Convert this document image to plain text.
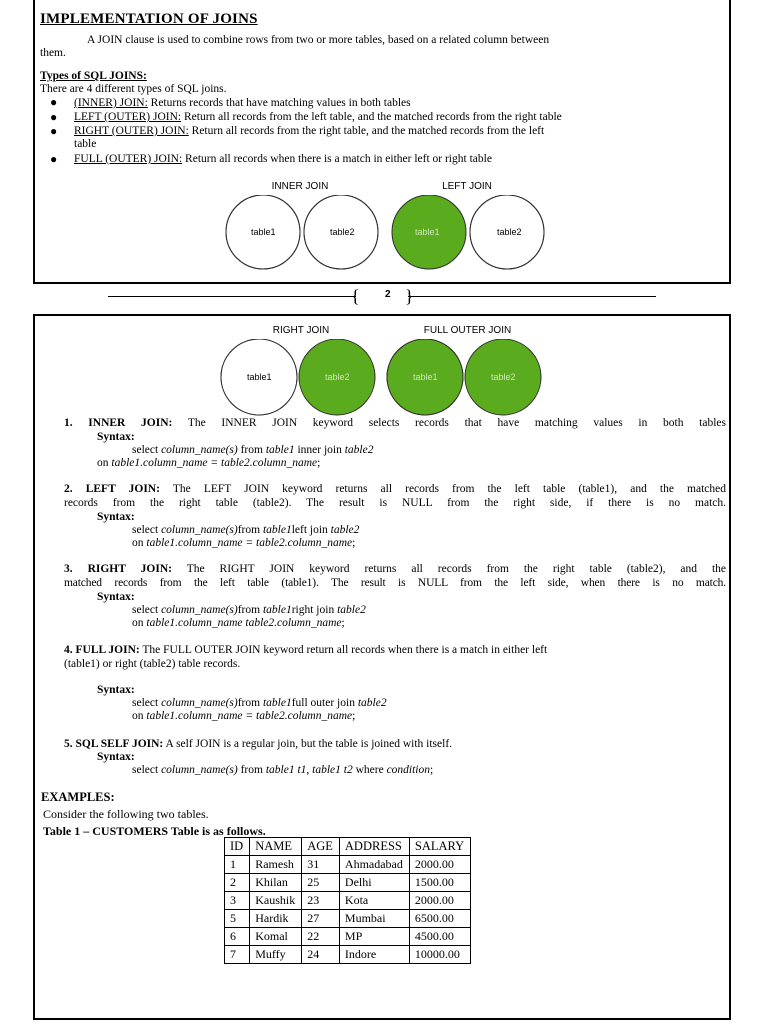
IMPLEMENTATION OF JOINS
A JOIN clause is used to combine rows from two or more tables, based on a related column between
them.
Types of SQL JOINS:
There are 4 different types of SQL joins.
● (INNER) JOIN: Returns records that have matching values in both tables
● LEFT (OUTER) JOIN: Return all records from the left table, and the matched records from the right table
● RIGHT (OUTER) JOIN: Return all records from the right table, and the matched records from the left
table
● FULL (OUTER) JOIN: Return all records when there is a match in either left or right table
INNER JOIN	LEFT JOIN
table1	table2	table1	table2
{	}
2
RIGHT JOIN	FULL OUTER JOIN
table1	table2	table1	table2
1. INNER JOIN: The INNER JOIN keyword selects records that have matching values in both tables
Syntax:
select column_name(s) from table1 inner join table2
on table1.column_name = table2.column_name;
2. LEFT JOIN: The LEFT JOIN keyword returns all records from the left table (table1), and the matched
records from the right table (table2). The result is NULL from the right side, if there is no match.
Syntax:
select column_name(s)from table1left join table2
on table1.column_name = table2.column_name;
3. RIGHT JOIN: The RIGHT JOIN keyword returns all records from the right table (table2), and the
matched records from the left table (table1). The result is NULL from the left side, when there is no match.
Syntax:
select column_name(s)from table1right join table2
on table1.column_name table2.column_name;
4. FULL JOIN: The FULL OUTER JOIN keyword return all records when there is a match in either left
(table1) or right (table2) table records.
Syntax:
select column_name(s)from table1full outer join table2
on table1.column_name = table2.column_name;
5. SQL SELF JOIN: A self JOIN is a regular join, but the table is joined with itself.
Syntax:
select column_name(s) from table1 t1, table1 t2 where condition;
EXAMPLES:
Consider the following two tables.
Table 1 – CUSTOMERS Table is as follows.
ID	NAME	AGE	ADDRESS	SALARY
1	Ramesh	31	Ahmadabad	2000.00
2	Khilan	25	Delhi	1500.00
3	Kaushik	23	Kota	2000.00
5	Hardik	27	Mumbai	6500.00
6	Komal	22	MP	4500.00
7	Muffy	24	Indore	10000.00
